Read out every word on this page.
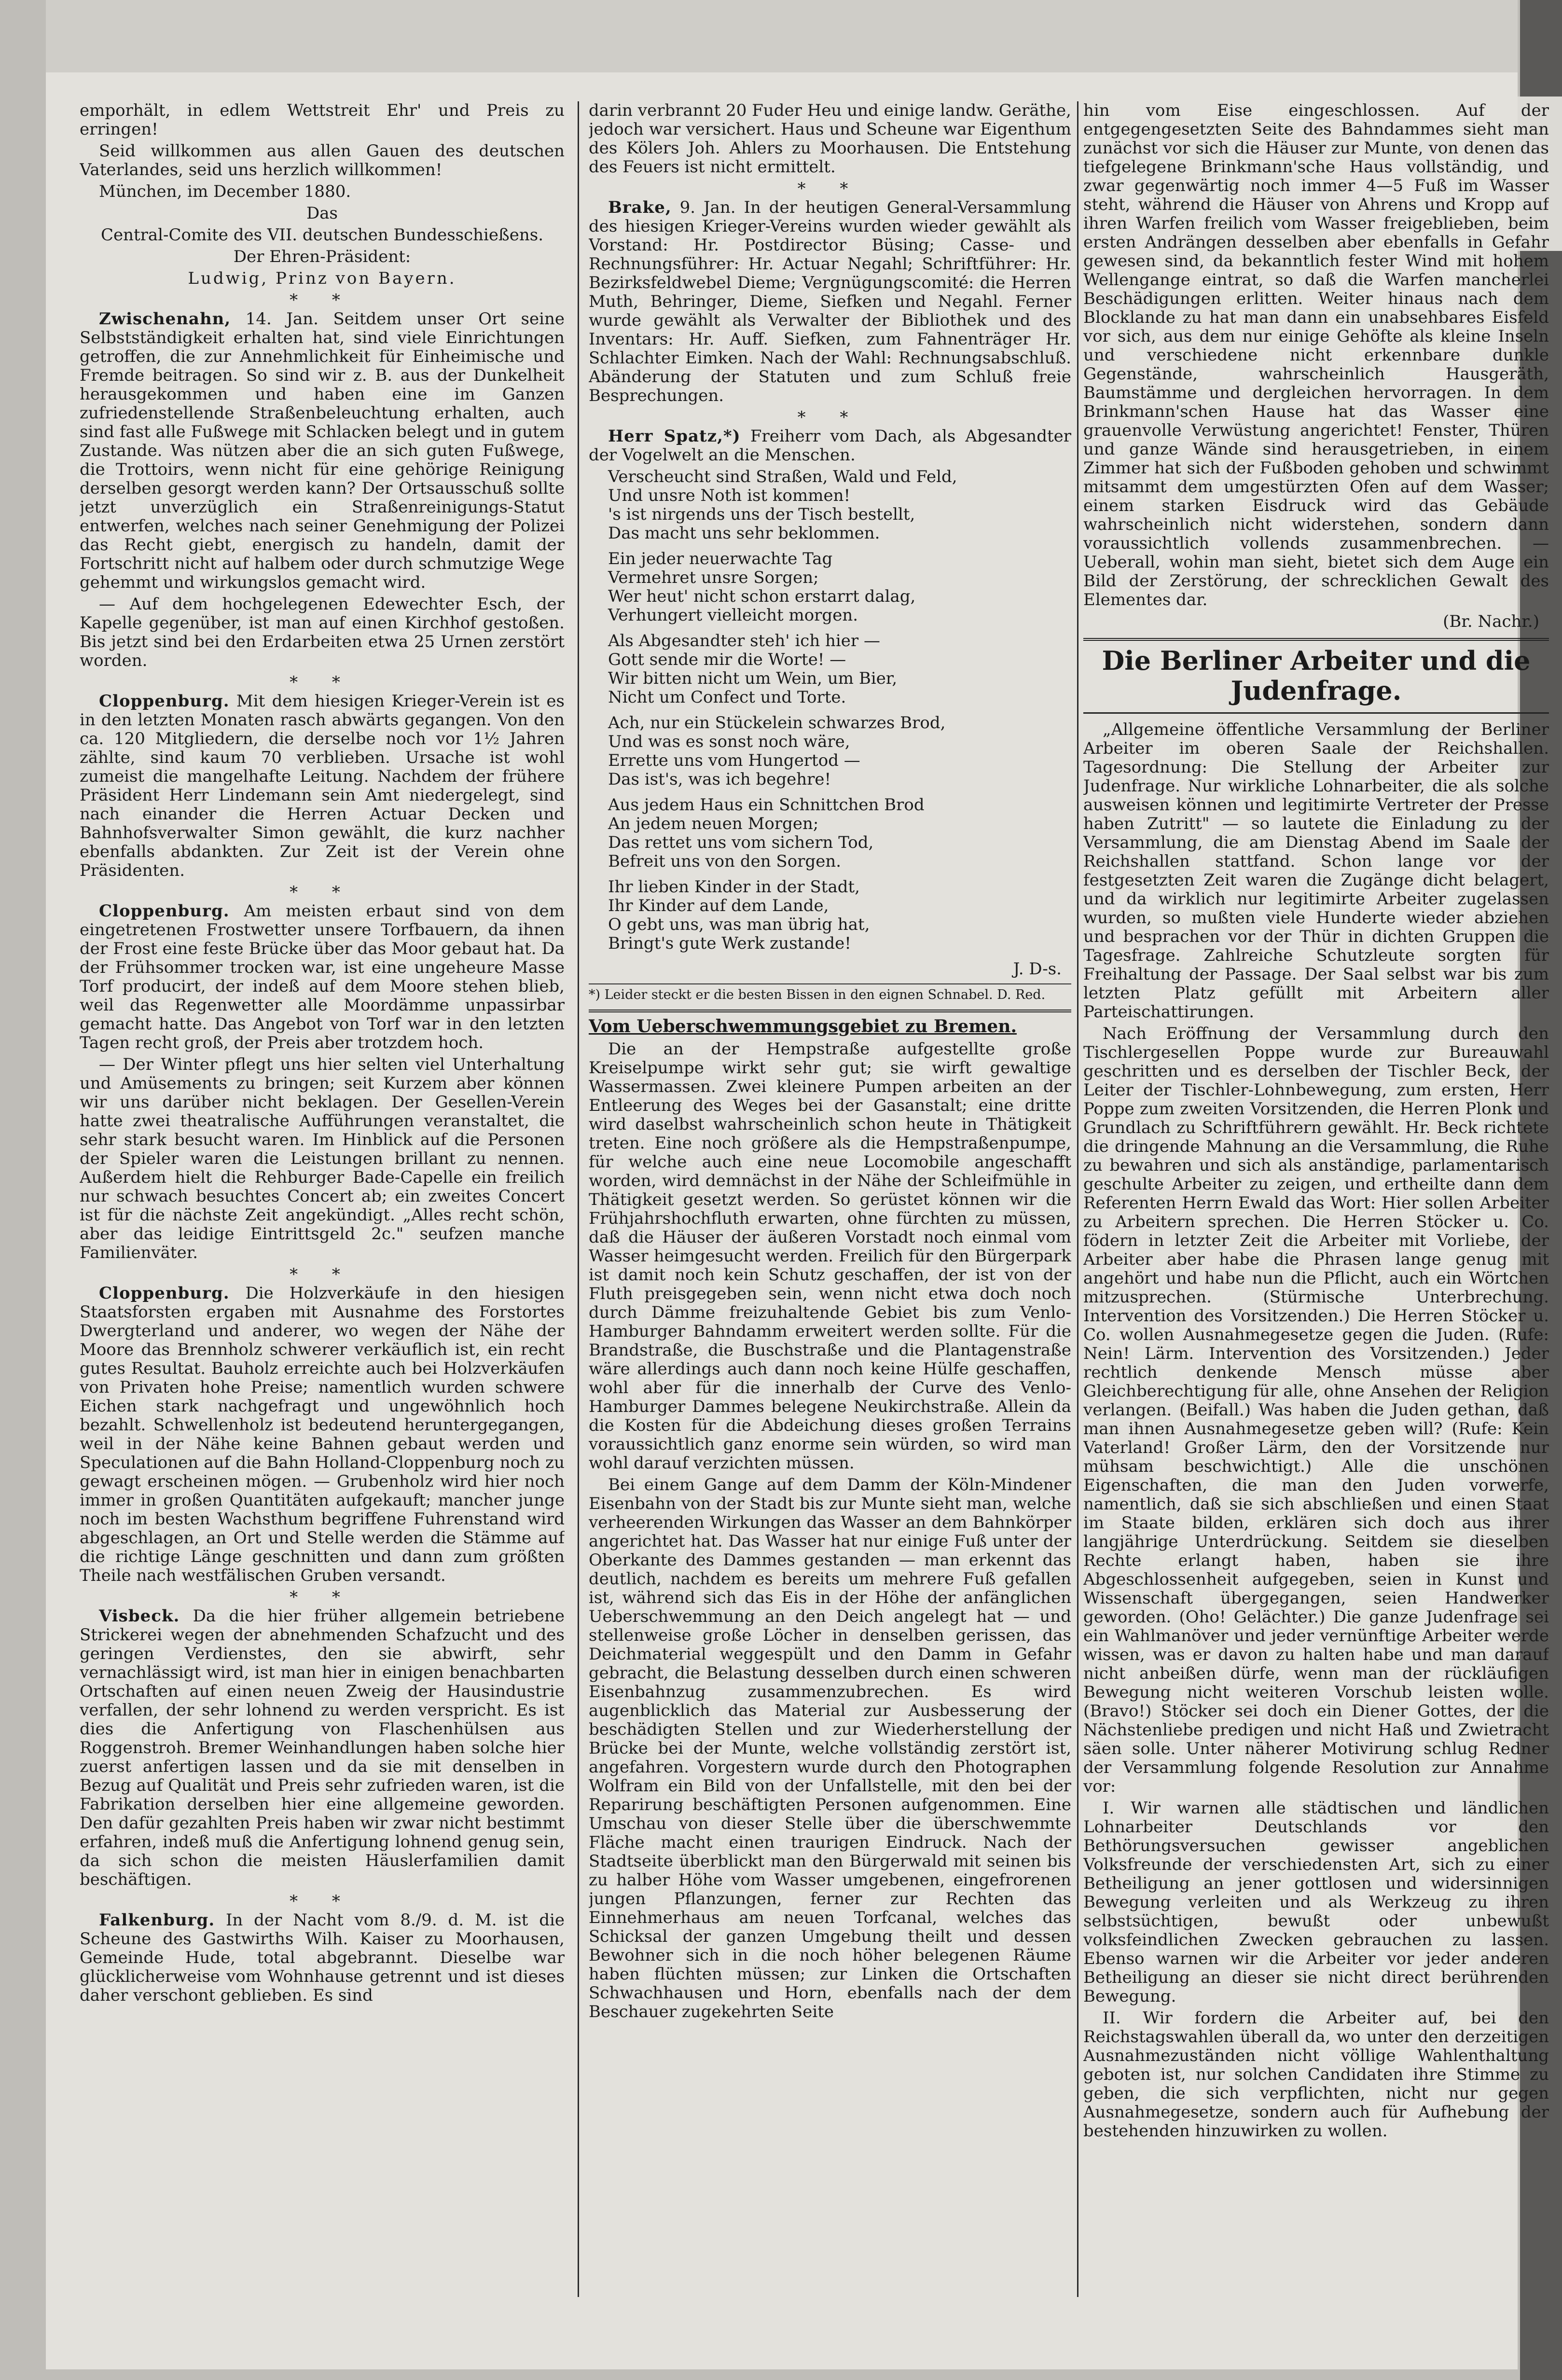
emporhält, in edlem Wettstreit Ehr' und Preis zu erringen!

Seid willkommen aus allen Gauen des deutschen Vaterlandes, seid uns herzlich willkommen!

München, im December 1880.

Das

Central-Comite des VII. deutschen Bundesschießens.

Der Ehren-Präsident:

Ludwig, Prinz von Bayern.

* *

Zwischenahn, 14. Jan. Seitdem unser Ort seine Selbstständigkeit erhalten hat, sind viele Einrichtungen getroffen, die zur Annehmlichkeit für Einheimische und Fremde beitragen. So sind wir z. B. aus der Dunkelheit herausgekommen und haben eine im Ganzen zufriedenstellende Straßenbeleuchtung erhalten, auch sind fast alle Fußwege mit Schlacken belegt und in gutem Zustande. Was nützen aber die an sich guten Fußwege, die Trottoirs, wenn nicht für eine gehörige Reinigung derselben gesorgt werden kann? Der Ortsausschuß sollte jetzt unverzüglich ein Straßenreinigungs-Statut entwerfen, welches nach seiner Genehmigung der Polizei das Recht giebt, energisch zu handeln, damit der Fortschritt nicht auf halbem oder durch schmutzige Wege gehemmt und wirkungslos gemacht wird.

— Auf dem hochgelegenen Edewechter Esch, der Kapelle gegenüber, ist man auf einen Kirchhof gestoßen. Bis jetzt sind bei den Erdarbeiten etwa 25 Urnen zerstört worden.

* *

Cloppenburg. Mit dem hiesigen Krieger-Verein ist es in den letzten Monaten rasch abwärts gegangen. Von den ca. 120 Mitgliedern, die derselbe noch vor 1½ Jahren zählte, sind kaum 70 verblieben. Ursache ist wohl zumeist die mangelhafte Leitung. Nachdem der frühere Präsident Herr Lindemann sein Amt niedergelegt, sind nach einander die Herren Actuar Decken und Bahnhofsverwalter Simon gewählt, die kurz nachher ebenfalls abdankten. Zur Zeit ist der Verein ohne Präsidenten.

* *

Cloppenburg. Am meisten erbaut sind von dem eingetretenen Frostwetter unsere Torfbauern, da ihnen der Frost eine feste Brücke über das Moor gebaut hat. Da der Frühsommer trocken war, ist eine ungeheure Masse Torf producirt, der indeß auf dem Moore stehen blieb, weil das Regenwetter alle Moordämme unpassirbar gemacht hatte. Das Angebot von Torf war in den letzten Tagen recht groß, der Preis aber trotzdem hoch.

— Der Winter pflegt uns hier selten viel Unterhaltung und Amüsements zu bringen; seit Kurzem aber können wir uns darüber nicht beklagen. Der Gesellen-Verein hatte zwei theatralische Aufführungen veranstaltet, die sehr stark besucht waren. Im Hinblick auf die Personen der Spieler waren die Leistungen brillant zu nennen. Außerdem hielt die Rehburger Bade-Capelle ein freilich nur schwach besuchtes Concert ab; ein zweites Concert ist für die nächste Zeit angekündigt. „Alles recht schön, aber das leidige Eintrittsgeld 2c." seufzen manche Familienväter.

* *

Cloppenburg. Die Holzverkäufe in den hiesigen Staatsforsten ergaben mit Ausnahme des Forstortes Dwergterland und anderer, wo wegen der Nähe der Moore das Brennholz schwerer verkäuflich ist, ein recht gutes Resultat. Bauholz erreichte auch bei Holzverkäufen von Privaten hohe Preise; namentlich wurden schwere Eichen stark nachgefragt und ungewöhnlich hoch bezahlt. Schwellenholz ist bedeutend heruntergegangen, weil in der Nähe keine Bahnen gebaut werden und Speculationen auf die Bahn Holland-Cloppenburg noch zu gewagt erscheinen mögen. — Grubenholz wird hier noch immer in großen Quantitäten aufgekauft; mancher junge noch im besten Wachsthum begriffene Fuhrenstand wird abgeschlagen, an Ort und Stelle werden die Stämme auf die richtige Länge geschnitten und dann zum größten Theile nach westfälischen Gruben versandt.

* *

Visbeck. Da die hier früher allgemein betriebene Strickerei wegen der abnehmenden Schafzucht und des geringen Verdienstes, den sie abwirft, sehr vernachlässigt wird, ist man hier in einigen benachbarten Ortschaften auf einen neuen Zweig der Hausindustrie verfallen, der sehr lohnend zu werden verspricht. Es ist dies die Anfertigung von Flaschenhülsen aus Roggenstroh. Bremer Weinhandlungen haben solche hier zuerst anfertigen lassen und da sie mit denselben in Bezug auf Qualität und Preis sehr zufrieden waren, ist die Fabrikation derselben hier eine allgemeine geworden. Den dafür gezahlten Preis haben wir zwar nicht bestimmt erfahren, indeß muß die Anfertigung lohnend genug sein, da sich schon die meisten Häuslerfamilien damit beschäftigen.

* *

Falkenburg. In der Nacht vom 8./9. d. M. ist die Scheune des Gastwirths Wilh. Kaiser zu Moorhausen, Gemeinde Hude, total abgebrannt. Dieselbe war glücklicherweise vom Wohnhause getrennt und ist dieses daher verschont geblieben. Es sind

darin verbrannt 20 Fuder Heu und einige landw. Geräthe, jedoch war versichert. Haus und Scheune war Eigenthum des Kölers Joh. Ahlers zu Moorhausen. Die Entstehung des Feuers ist nicht ermittelt.

* *

Brake, 9. Jan. In der heutigen General-Versammlung des hiesigen Krieger-Vereins wurden wieder gewählt als Vorstand: Hr. Postdirector Büsing; Casse- und Rechnungsführer: Hr. Actuar Negahl; Schriftführer: Hr. Bezirksfeldwebel Dieme; Vergnügungscomité: die Herren Muth, Behringer, Dieme, Siefken und Negahl. Ferner wurde gewählt als Verwalter der Bibliothek und des Inventars: Hr. Auff. Siefken, zum Fahnenträger Hr. Schlachter Eimken. Nach der Wahl: Rechnungsabschluß. Abänderung der Statuten und zum Schluß freie Besprechungen.

* *

Herr Spatz,*) Freiherr vom Dach, als Abgesandter der Vogelwelt an die Menschen.

Verscheucht sind Straßen, Wald und Feld,

Und unsre Noth ist kommen!

's ist nirgends uns der Tisch bestellt,

Das macht uns sehr beklommen.

Ein jeder neuerwachte Tag

Vermehret unsre Sorgen;

Wer heut' nicht schon erstarrt dalag,

Verhungert vielleicht morgen.

Als Abgesandter steh' ich hier —

Gott sende mir die Worte! —

Wir bitten nicht um Wein, um Bier,

Nicht um Confect und Torte.

Ach, nur ein Stückelein schwarzes Brod,

Und was es sonst noch wäre,

Errette uns vom Hungertod —

Das ist's, was ich begehre!

Aus jedem Haus ein Schnittchen Brod

An jedem neuen Morgen;

Das rettet uns vom sichern Tod,

Befreit uns von den Sorgen.

Ihr lieben Kinder in der Stadt,

Ihr Kinder auf dem Lande,

O gebt uns, was man übrig hat,

Bringt's gute Werk zustande!

J. D-s.

*) Leider steckt er die besten Bissen in den eignen Schnabel. D. Red.

Vom Ueberschwemmungsgebiet zu Bremen.

Die an der Hempstraße aufgestellte große Kreiselpumpe wirkt sehr gut; sie wirft gewaltige Wassermassen. Zwei kleinere Pumpen arbeiten an der Entleerung des Weges bei der Gasanstalt; eine dritte wird daselbst wahrscheinlich schon heute in Thätigkeit treten. Eine noch größere als die Hempstraßenpumpe, für welche auch eine neue Locomobile angeschafft worden, wird demnächst in der Nähe der Schleifmühle in Thätigkeit gesetzt werden. So gerüstet können wir die Frühjahrshochfluth erwarten, ohne fürchten zu müssen, daß die Häuser der äußeren Vorstadt noch einmal vom Wasser heimgesucht werden. Freilich für den Bürgerpark ist damit noch kein Schutz geschaffen, der ist von der Fluth preisgegeben sein, wenn nicht etwa doch noch durch Dämme freizuhaltende Gebiet bis zum Venlo-Hamburger Bahndamm erweitert werden sollte. Für die Brandstraße, die Buschstraße und die Plantagenstraße wäre allerdings auch dann noch keine Hülfe geschaffen, wohl aber für die innerhalb der Curve des Venlo-Hamburger Dammes belegene Neukirchstraße. Allein da die Kosten für die Abdeichung dieses großen Terrains voraussichtlich ganz enorme sein würden, so wird man wohl darauf verzichten müssen.

Bei einem Gange auf dem Damm der Köln-Mindener Eisenbahn von der Stadt bis zur Munte sieht man, welche verheerenden Wirkungen das Wasser an dem Bahnkörper angerichtet hat. Das Wasser hat nur einige Fuß unter der Oberkante des Dammes gestanden — man erkennt das deutlich, nachdem es bereits um mehrere Fuß gefallen ist, während sich das Eis in der Höhe der anfänglichen Ueberschwemmung an den Deich angelegt hat — und stellenweise große Löcher in denselben gerissen, das Deichmaterial weggespült und den Damm in Gefahr gebracht, die Belastung desselben durch einen schweren Eisenbahnzug zusammenzubrechen. Es wird augenblicklich das Material zur Ausbesserung der beschädigten Stellen und zur Wiederherstellung der Brücke bei der Munte, welche vollständig zerstört ist, angefahren. Vorgestern wurde durch den Photographen Wolfram ein Bild von der Unfallstelle, mit den bei der Reparirung beschäftigten Personen aufgenommen. Eine Umschau von dieser Stelle über die überschwemmte Fläche macht einen traurigen Eindruck. Nach der Stadtseite überblickt man den Bürgerwald mit seinen bis zu halber Höhe vom Wasser umgebenen, eingefrorenen jungen Pflanzungen, ferner zur Rechten das Einnehmerhaus am neuen Torfcanal, welches das Schicksal der ganzen Umgebung theilt und dessen Bewohner sich in die noch höher belegenen Räume haben flüchten müssen; zur Linken die Ortschaften Schwachhausen und Horn, ebenfalls nach der dem Beschauer zugekehrten Seite

hin vom Eise eingeschlossen. Auf der entgegengesetzten Seite des Bahndammes sieht man zunächst vor sich die Häuser zur Munte, von denen das tiefgelegene Brinkmann'sche Haus vollständig, und zwar gegenwärtig noch immer 4—5 Fuß im Wasser steht, während die Häuser von Ahrens und Kropp auf ihren Warfen freilich vom Wasser freigeblieben, beim ersten Andrängen desselben aber ebenfalls in Gefahr gewesen sind, da bekanntlich fester Wind mit hohem Wellengange eintrat, so daß die Warfen mancherlei Beschädigungen erlitten. Weiter hinaus nach dem Blocklande zu hat man dann ein unabsehbares Eisfeld vor sich, aus dem nur einige Gehöfte als kleine Inseln und verschiedene nicht erkennbare dunkle Gegenstände, wahrscheinlich Hausgeräth, Baumstämme und dergleichen hervorragen. In dem Brinkmann'schen Hause hat das Wasser eine grauenvolle Verwüstung angerichtet! Fenster, Thüren und ganze Wände sind herausgetrieben, in einem Zimmer hat sich der Fußboden gehoben und schwimmt mitsammt dem umgestürzten Ofen auf dem Wasser; einem starken Eisdruck wird das Gebäude wahrscheinlich nicht widerstehen, sondern dann voraussichtlich vollends zusammenbrechen. — Ueberall, wohin man sieht, bietet sich dem Auge ein Bild der Zerstörung, der schrecklichen Gewalt des Elementes dar.

(Br. Nachr.)

Die Berliner Arbeiter und die Judenfrage.

„Allgemeine öffentliche Versammlung der Berliner Arbeiter im oberen Saale der Reichshallen. Tagesordnung: Die Stellung der Arbeiter zur Judenfrage. Nur wirkliche Lohnarbeiter, die als solche ausweisen können und legitimirte Vertreter der Presse haben Zutritt" — so lautete die Einladung zu der Versammlung, die am Dienstag Abend im Saale der Reichshallen stattfand. Schon lange vor der festgesetzten Zeit waren die Zugänge dicht belagert, und da wirklich nur legitimirte Arbeiter zugelassen wurden, so mußten viele Hunderte wieder abziehen und besprachen vor der Thür in dichten Gruppen die Tagesfrage. Zahlreiche Schutzleute sorgten für Freihaltung der Passage. Der Saal selbst war bis zum letzten Platz gefüllt mit Arbeitern aller Parteischattirungen.

Nach Eröffnung der Versammlung durch den Tischlergesellen Poppe wurde zur Bureauwahl geschritten und es derselben der Tischler Beck, der Leiter der Tischler-Lohnbewegung, zum ersten, Herr Poppe zum zweiten Vorsitzenden, die Herren Plonk und Grundlach zu Schriftführern gewählt. Hr. Beck richtete die dringende Mahnung an die Versammlung, die Ruhe zu bewahren und sich als anständige, parlamentarisch geschulte Arbeiter zu zeigen, und ertheilte dann dem Referenten Herrn Ewald das Wort: Hier sollen Arbeiter zu Arbeitern sprechen. Die Herren Stöcker u. Co. födern in letzter Zeit die Arbeiter mit Vorliebe, der Arbeiter aber habe die Phrasen lange genug mit angehört und habe nun die Pflicht, auch ein Wörtchen mitzusprechen. (Stürmische Unterbrechung. Intervention des Vorsitzenden.) Die Herren Stöcker u. Co. wollen Ausnahmegesetze gegen die Juden. (Rufe: Nein! Lärm. Intervention des Vorsitzenden.) Jeder rechtlich denkende Mensch müsse aber Gleichberechtigung für alle, ohne Ansehen der Religion verlangen. (Beifall.) Was haben die Juden gethan, daß man ihnen Ausnahmegesetze geben will? (Rufe: Kein Vaterland! Großer Lärm, den der Vorsitzende nur mühsam beschwichtigt.) Alle die unschönen Eigenschaften, die man den Juden vorwerfe, namentlich, daß sie sich abschließen und einen Staat im Staate bilden, erklären sich doch aus ihrer langjährige Unterdrückung. Seitdem sie dieselben Rechte erlangt haben, haben sie ihre Abgeschlossenheit aufgegeben, seien in Kunst und Wissenschaft übergegangen, seien Handwerker geworden. (Oho! Gelächter.) Die ganze Judenfrage sei ein Wahlmanöver und jeder vernünftige Arbeiter werde wissen, was er davon zu halten habe und man darauf nicht anbeißen dürfe, wenn man der rückläufigen Bewegung nicht weiteren Vorschub leisten wolle. (Bravo!) Stöcker sei doch ein Diener Gottes, der die Nächstenliebe predigen und nicht Haß und Zwietracht säen solle. Unter näherer Motivirung schlug Redner der Versammlung folgende Resolution zur Annahme vor:

I. Wir warnen alle städtischen und ländlichen Lohnarbeiter Deutschlands vor den Bethörungsversuchen gewisser angeblichen Volksfreunde der verschiedensten Art, sich zu einer Betheiligung an jener gottlosen und widersinnigen Bewegung verleiten und als Werkzeug zu ihren selbstsüchtigen, bewußt oder unbewußt volksfeindlichen Zwecken gebrauchen zu lassen. Ebenso warnen wir die Arbeiter vor jeder anderen Betheiligung an dieser sie nicht direct berührenden Bewegung.

II. Wir fordern die Arbeiter auf, bei den Reichstagswahlen überall da, wo unter den derzeitigen Ausnahmezuständen nicht völlige Wahlenthaltung geboten ist, nur solchen Candidaten ihre Stimme zu geben, die sich verpflichten, nicht nur gegen Ausnahmegesetze, sondern auch für Aufhebung der bestehenden hinzuwirken zu wollen.
